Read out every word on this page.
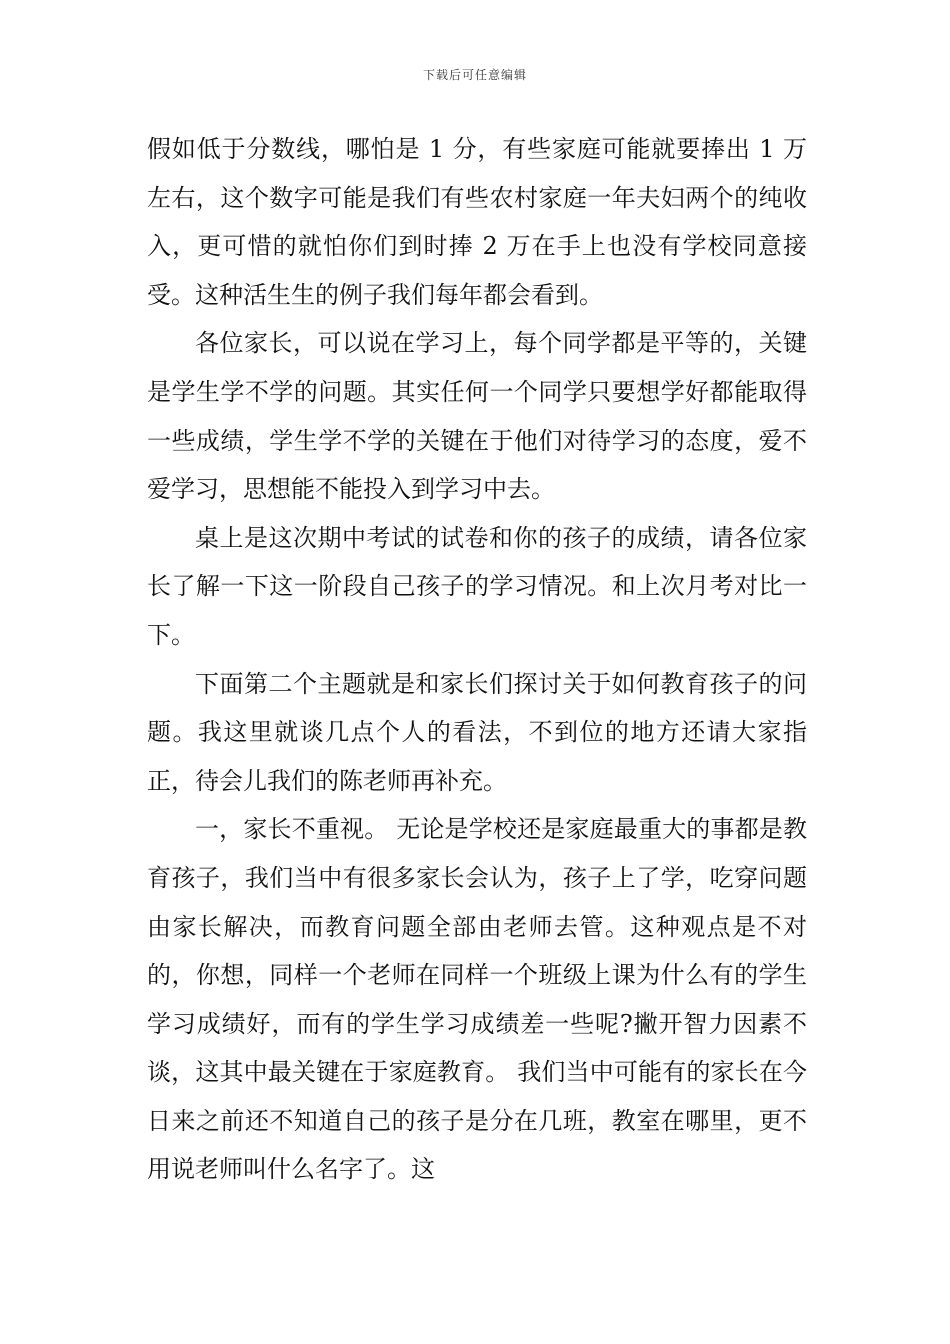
下载后可任意编辑

假如低于分数线，哪怕是 1 分，有些家庭可能就要捧出 1 万左右，这个数字可能是我们有些农村家庭一年夫妇两个的纯收入，更可惜的就怕你们到时捧 2 万在手上也没有学校同意接受。这种活生生的例子我们每年都会看到。

各位家长，可以说在学习上，每个同学都是平等的，关键是学生学不学的问题。其实任何一个同学只要想学好都能取得一些成绩，学生学不学的关键在于他们对待学习的态度，爱不爱学习，思想能不能投入到学习中去。

桌上是这次期中考试的试卷和你的孩子的成绩，请各位家长了解一下这一阶段自己孩子的学习情况。和上次月考对比一下。

下面第二个主题就是和家长们探讨关于如何教育孩子的问题。我这里就谈几点个人的看法，不到位的地方还请大家指正，待会儿我们的陈老师再补充。

一，家长不重视。 无论是学校还是家庭最重大的事都是教育孩子，我们当中有很多家长会认为，孩子上了学，吃穿问题由家长解决，而教育问题全部由老师去管。这种观点是不对的，你想，同样一个老师在同样一个班级上课为什么有的学生学习成绩好，而有的学生学习成绩差一些呢?撇开智力因素不谈，这其中最关键在于家庭教育。 我们当中可能有的家长在今日来之前还不知道自己的孩子是分在几班，教室在哪里，更不用说老师叫什么名字了。这
